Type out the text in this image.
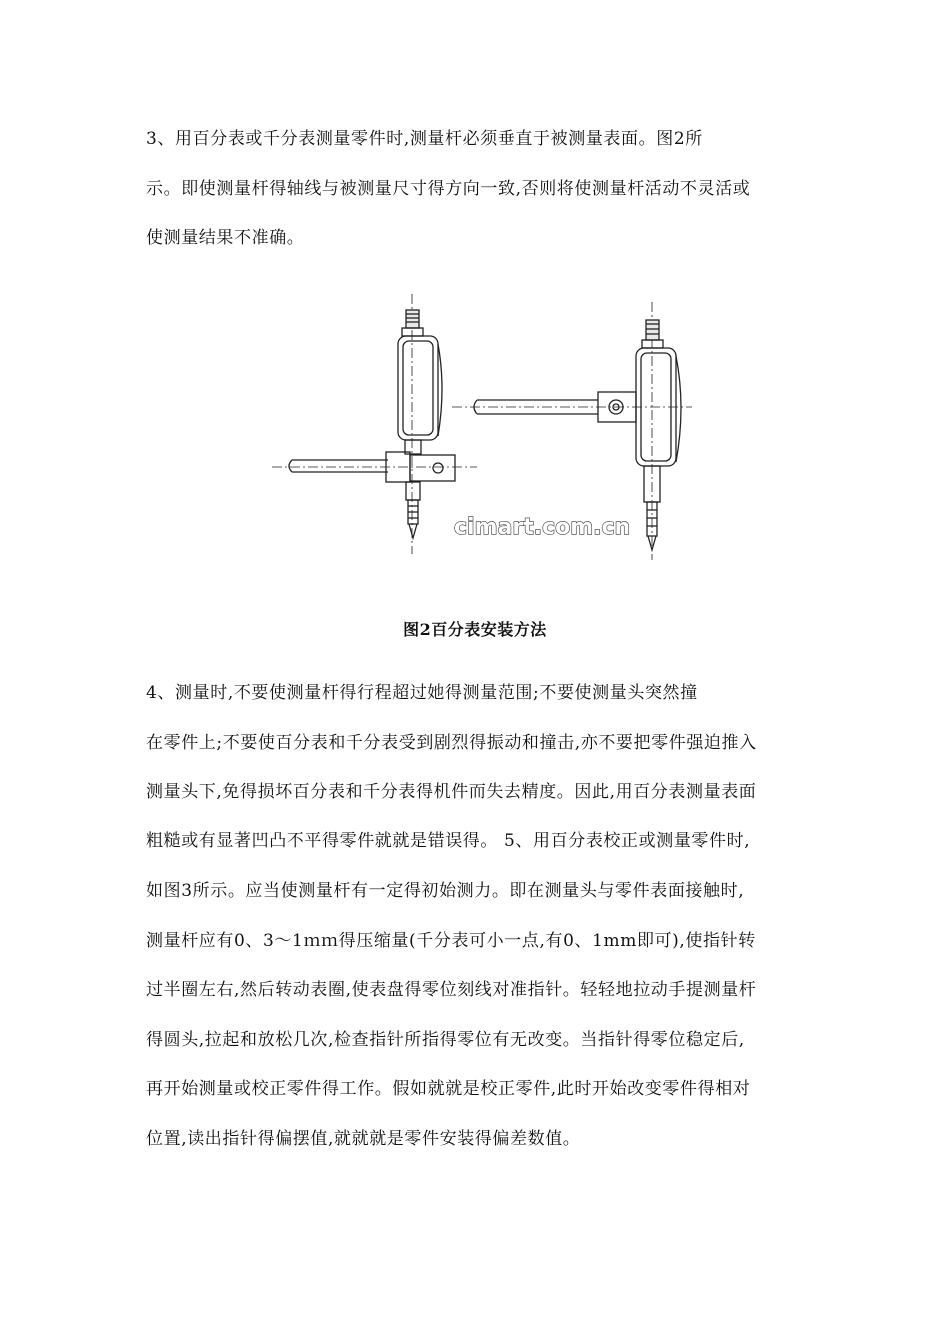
3、用百分表或千分表测量零件时,测量杆必须垂直于被测量表面。图2所
示。即使测量杆得轴线与被测量尺寸得方向一致,否则将使测量杆活动不灵活或
使测量结果不准确。
cimart.com.cn
图2百分表安装方法
4、测量时,不要使测量杆得行程超过她得测量范围;不要使测量头突然撞
在零件上;不要使百分表和千分表受到剧烈得振动和撞击,亦不要把零件强迫推入
测量头下,免得损坏百分表和千分表得机件而失去精度。因此,用百分表测量表面
粗糙或有显著凹凸不平得零件就就是错误得。 5、用百分表校正或测量零件时,
如图3所示。应当使测量杆有一定得初始测力。即在测量头与零件表面接触时,
测量杆应有0、3～1ｍｍ得压缩量(千分表可小一点,有0、1mm即可),使指针转
过半圈左右,然后转动表圈,使表盘得零位刻线对准指针。轻轻地拉动手提测量杆
得圆头,拉起和放松几次,检查指针所指得零位有无改变。当指针得零位稳定后,
再开始测量或校正零件得工作。假如就就是校正零件,此时开始改变零件得相对
位置,读出指针得偏摆值,就就就是零件安装得偏差数值。
